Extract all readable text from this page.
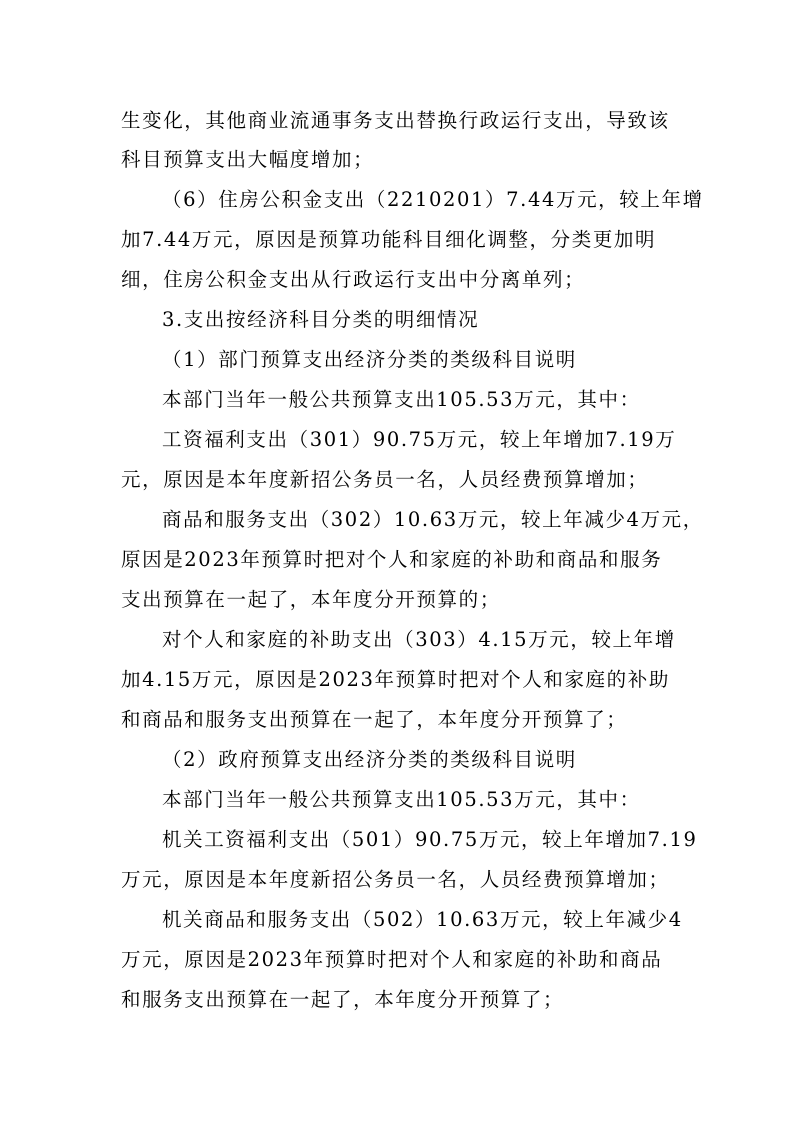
生变化，其他商业流通事务支出替换行政运行支出，导致该

科目预算支出大幅度增加；

（6）住房公积金支出（2210201）7.44万元，较上年增

加7.44万元，原因是预算功能科目细化调整，分类更加明

细，住房公积金支出从行政运行支出中分离单列；

3.支出按经济科目分类的明细情况

（1）部门预算支出经济分类的类级科目说明

本部门当年一般公共预算支出105.53万元，其中：

工资福利支出（301）90.75万元，较上年增加7.19万

元，原因是本年度新招公务员一名，人员经费预算增加；

商品和服务支出（302）10.63万元，较上年减少4万元，

原因是2023年预算时把对个人和家庭的补助和商品和服务

支出预算在一起了，本年度分开预算的；

对个人和家庭的补助支出（303）4.15万元，较上年增

加4.15万元，原因是2023年预算时把对个人和家庭的补助

和商品和服务支出预算在一起了，本年度分开预算了；

（2）政府预算支出经济分类的类级科目说明

本部门当年一般公共预算支出105.53万元，其中：

机关工资福利支出（501）90.75万元，较上年增加7.19

万元，原因是本年度新招公务员一名，人员经费预算增加；

机关商品和服务支出（502）10.63万元，较上年减少4

万元，原因是2023年预算时把对个人和家庭的补助和商品

和服务支出预算在一起了，本年度分开预算了；
